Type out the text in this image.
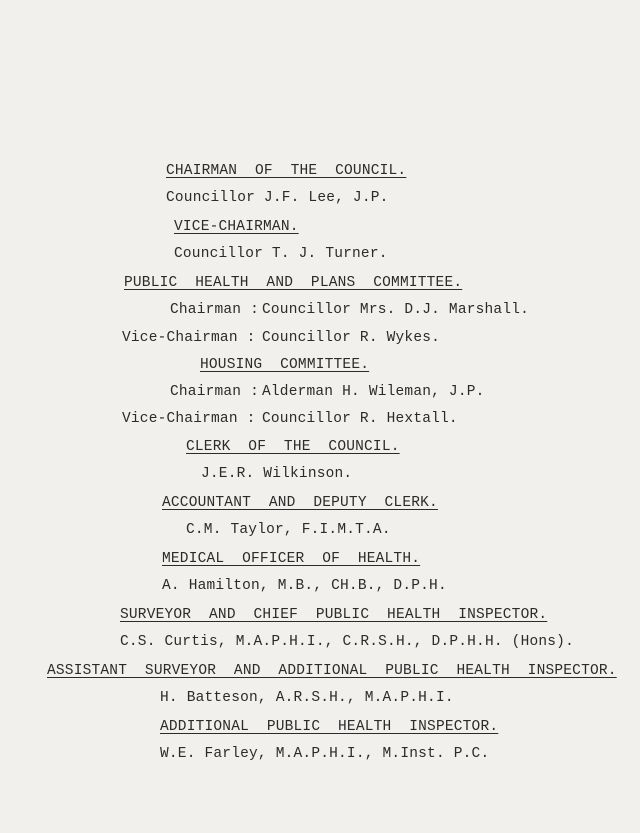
CHAIRMAN  OF  THE  COUNCIL.
Councillor J.F. Lee, J.P.
VICE-CHAIRMAN.
Councillor T. J. Turner.
PUBLIC  HEALTH  AND  PLANS  COMMITTEE.
Chairman : Councillor Mrs. D.J. Marshall.
Vice-Chairman : Councillor R. Wykes.
HOUSING  COMMITTEE.
Chairman : Alderman H. Wileman, J.P.
Vice-Chairman : Councillor R. Hextall.
CLERK  OF  THE  COUNCIL.
J.E.R. Wilkinson.
ACCOUNTANT  AND  DEPUTY  CLERK.
C.M. Taylor, F.I.M.T.A.
MEDICAL  OFFICER  OF  HEALTH.
A. Hamilton, M.B., CH.B., D.P.H.
SURVEYOR  AND  CHIEF  PUBLIC  HEALTH  INSPECTOR.
C.S. Curtis, M.A.P.H.I., C.R.S.H., D.P.H.H. (Hons).
ASSISTANT  SURVEYOR  AND  ADDITIONAL  PUBLIC  HEALTH  INSPECTOR.
H. Batteson, A.R.S.H., M.A.P.H.I.
ADDITIONAL  PUBLIC  HEALTH  INSPECTOR.
W.E. Farley, M.A.P.H.I., M.Inst. P.C.
